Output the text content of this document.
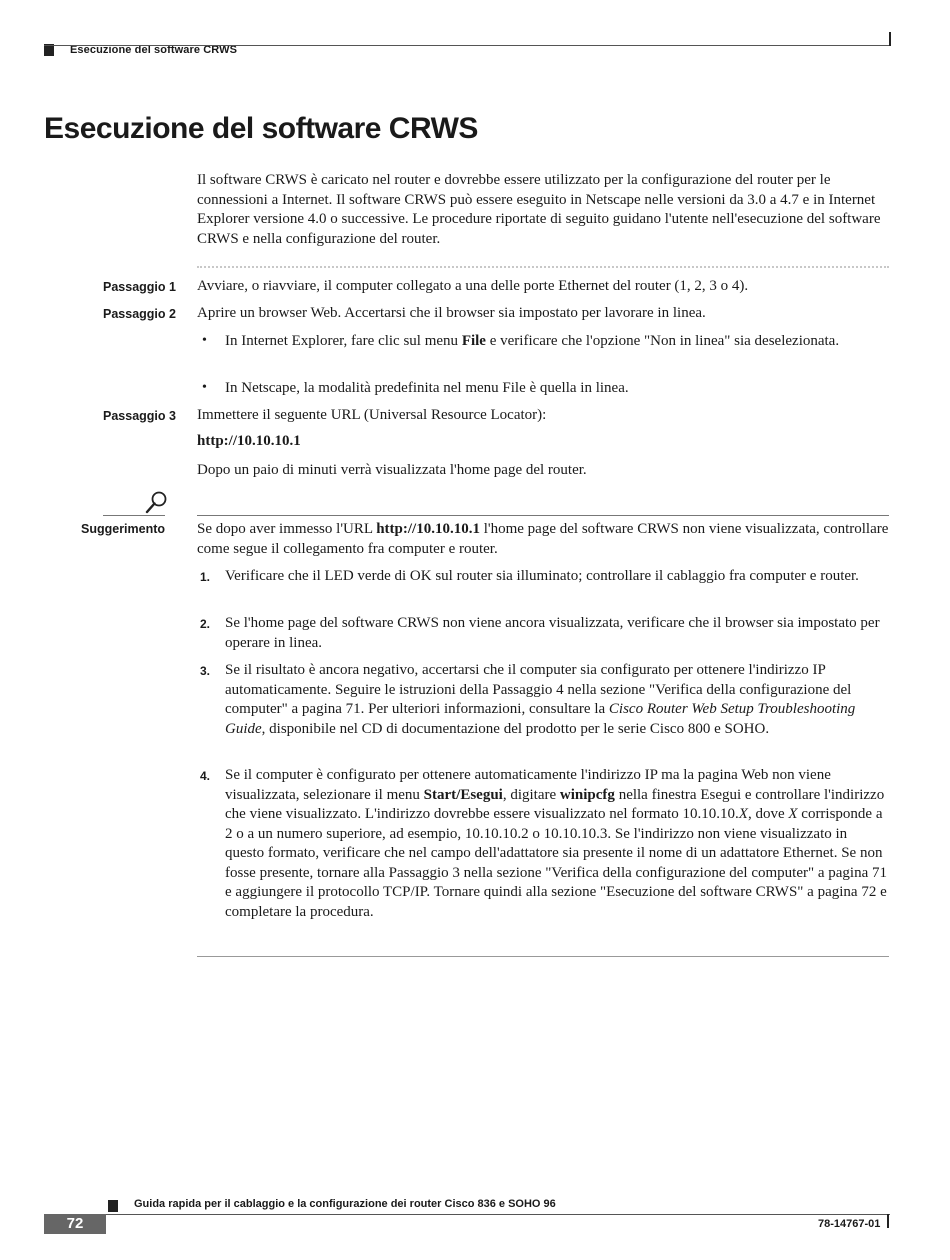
Esecuzione del software CRWS
Esecuzione del software CRWS
Il software CRWS è caricato nel router e dovrebbe essere utilizzato per la configurazione del router per le connessioni a Internet. Il software CRWS può essere eseguito in Netscape nelle versioni da 3.0 a 4.7 e in Internet Explorer versione 4.0 o successive. Le procedure riportate di seguito guidano l'utente nell'esecuzione del software CRWS e nella configurazione del router.
Passaggio 1 Avviare, o riavviare, il computer collegato a una delle porte Ethernet del router (1, 2, 3 o 4).
Passaggio 2 Aprire un browser Web. Accertarsi che il browser sia impostato per lavorare in linea.
• In Internet Explorer, fare clic sul menu File e verificare che l'opzione "Non in linea" sia deselezionata.
• In Netscape, la modalità predefinita nel menu File è quella in linea.
Passaggio 3 Immettere il seguente URL (Universal Resource Locator):
http://10.10.10.1
Dopo un paio di minuti verrà visualizzata l'home page del router.
Suggerimento Se dopo aver immesso l'URL http://10.10.10.1 l'home page del software CRWS non viene visualizzata, controllare come segue il collegamento fra computer e router.
1. Verificare che il LED verde di OK sul router sia illuminato; controllare il cablaggio fra computer e router.
2. Se l'home page del software CRWS non viene ancora visualizzata, verificare che il browser sia impostato per operare in linea.
3. Se il risultato è ancora negativo, accertarsi che il computer sia configurato per ottenere l'indirizzo IP automaticamente. Seguire le istruzioni della Passaggio 4 nella sezione "Verifica della configurazione del computer" a pagina 71. Per ulteriori informazioni, consultare la Cisco Router Web Setup Troubleshooting Guide, disponibile nel CD di documentazione del prodotto per le serie Cisco 800 e SOHO.
4. Se il computer è configurato per ottenere automaticamente l'indirizzo IP ma la pagina Web non viene visualizzata, selezionare il menu Start/Esegui, digitare winipcfg nella finestra Esegui e controllare l'indirizzo che viene visualizzato. L'indirizzo dovrebbe essere visualizzato nel formato 10.10.10.X, dove X corrisponde a 2 o a un numero superiore, ad esempio, 10.10.10.2 o 10.10.10.3. Se l'indirizzo non viene visualizzato in questo formato, verificare che nel campo dell'adattatore sia presente il nome di un adattatore Ethernet. Se non fosse presente, tornare alla Passaggio 3 nella sezione "Verifica della configurazione del computer" a pagina 71 e aggiungere il protocollo TCP/IP. Tornare quindi alla sezione "Esecuzione del software CRWS" a pagina 72 e completare la procedura.
Guida rapida per il cablaggio e la configurazione dei router Cisco 836 e SOHO 96
72	78-14767-01
